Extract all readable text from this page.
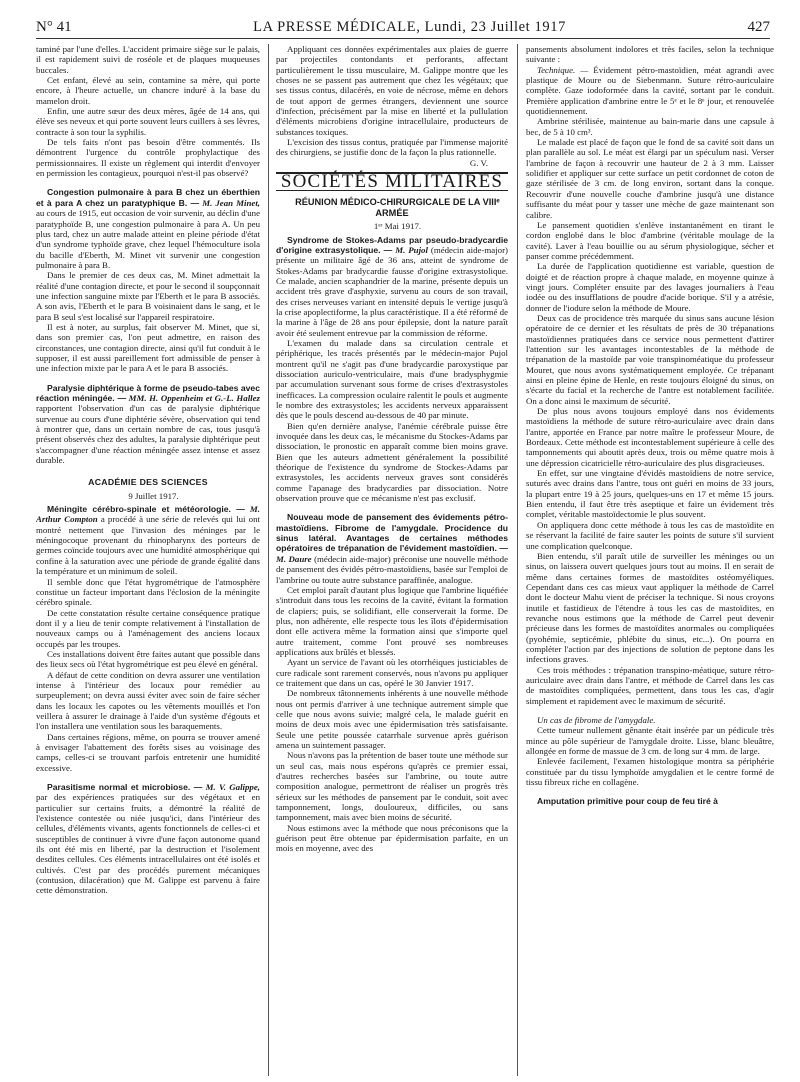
N° 41	LA PRESSE MÉDICALE, Lundi, 23 Juillet 1917	427

taminé par l'une d'elles. L'accident primaire siège sur le palais, il est rapidement suivi de roséole et de plaques muqueuses buccales.

Cet enfant, élevé au sein, contamine sa mère, qui porte encore, à l'heure actuelle, un chancre induré à la base du mamelon droit.

Enfin, une autre sœur des deux mères, âgée de 14 ans, qui élève ses neveux et qui porte souvent leurs cuillers à ses lèvres, contracte à son tour la syphilis.

De tels faits n'ont pas besoin d'être commentés. Ils démontrent l'urgence du contrôle prophylactique des permissionnaires. Il existe un règlement qui interdit d'envoyer en permission les contagieux, pourquoi n'est-il pas observé?

Congestion pulmonaire à para B chez un éberthien et à para A chez un paratyphique B. — M. Jean Minet, au cours de 1915, eut occasion de voir survenir, au déclin d'une paratyphoïde B, une congestion pulmonaire à para A. Un peu plus tard, chez un autre malade atteint en pleine période d'état d'un syndrome typhoïde grave, chez lequel l'hémoculture isola du bacille d'Eberth, M. Minet vit survenir une congestion pulmonaire à para B.

Dans le premier de ces deux cas, M. Minet admettait la réalité d'une contagion directe, et pour le second il soupçonnait une infection sanguine mixte par l'Eberth et le para B associés. A son avis, l'Eberth et le para B voisinaient dans le sang, et le para B seul s'est localisé sur l'appareil respiratoire.

Il est à noter, au surplus, fait observer M. Minet, que si, dans son premier cas, l'on peut admettre, en raison des circonstances, une contagion directe, ainsi qu'il fut conduit à le supposer, il est aussi pareillement fort admissible de penser à une infection mixte par le para A et le para B associés.

Paralysie diphtérique à forme de pseudo-tabes avec réaction méningée. — MM. H. Oppenheim et G.-L. Hallez rapportent l'observation d'un cas de paralysie diphtérique survenue au cours d'une diphtérie sévère, observation qui tend à montrer que, dans un certain nombre de cas, tous jusqu'à présent observés chez des adultes, la paralysie diphtérique peut s'accompagner d'une réaction méningée assez intense et assez durable.

ACADÉMIE DES SCIENCES

9 Juillet 1917.

Méningite cérébro-spinale et météorologie. — M. Arthur Compton a procédé à une série de relevés qui lui ont montré nettement que l'invasion des méninges par le méningocoque provenant du rhinopharynx des porteurs de germes coïncide toujours avec une humidité atmosphérique qui confine à la saturation avec une période de grande égalité dans la température et un minimum de soleil.

Il semble donc que l'état hygrométrique de l'atmosphère constitue un facteur important dans l'éclosion de la méningite cérébro spinale.

De cette constatation résulte certaine conséquence pratique dont il y a lieu de tenir compte relativement à l'installation de nouveaux camps ou à l'aménagement des anciens locaux occupés par les troupes.

Ces installations doivent être faites autant que possible dans des lieux secs où l'état hygrométrique est peu élevé en général.

A défaut de cette condition on devra assurer une ventilation intense à l'intérieur des locaux pour remédier au surpeuplement; on devra aussi éviter avec soin de faire sécher dans les locaux les capotes ou les vêtements mouillés et l'on veillera à assurer le drainage à l'aide d'un système d'égouts et l'on installera une ventilation sous les baraquements.

Dans certaines régions, même, on pourra se trouver amené à envisager l'abattement des forêts sises au voisinage des camps, celles-ci se trouvant parfois entretenir une humidité excessive.

Parasitisme normal et microbiose. — M. V. Galippe, par des expériences pratiquées sur des végétaux et en particulier sur certains fruits, a démontré la réalité de l'existence contestée ou niée jusqu'ici, dans l'intérieur des cellules, d'éléments vivants, agents fonctionnels de celles-ci et susceptibles de continuer à vivre d'une façon autonome quand ils ont été mis en liberté, par la destruction et l'isolement desdites cellules. Ces éléments intracellulaires ont été isolés et cultivés. C'est par des procédés purement mécaniques (contusion, dilacération) que M. Galippe est parvenu à faire cette démonstration.

Appliquant ces données expérimentales aux plaies de guerre par projectiles contondants et perforants, affectant particulièrement le tissu musculaire, M. Galippe montre que les choses ne se passent pas autrement que chez les végétaux; que ses tissus contus, dilacérés, en voie de nécrose, même en dehors de tout apport de germes étrangers, deviennent une source d'infection, précisément par la mise en liberté et la pullulation d'éléments microbiens d'origine intracellulaire, producteurs de substances toxiques.

L'excision des tissus contus, pratiquée par l'immense majorité des chirurgiens, se justifie donc de la façon la plus rationnelle.

G. V.

SOCIÉTÉS MILITAIRES

RÉUNION MÉDICO-CHIRURGICALE DE LA VIIIᵉ ARMÉE

1ᵉʳ Mai 1917.

Syndrome de Stokes-Adams par pseudo-bradycardie d'origine extrasystolique. — M. Pujol (médecin aide-major) présente un militaire âgé de 36 ans, atteint de syndrome de Stokes-Adams par bradycardie fausse d'origine extrasystolique. Ce malade, ancien scaphandrier de la marine, présente depuis un accident très grave d'asphyxie, survenu au cours de son travail, des crises nerveuses variant en intensité depuis le vertige jusqu'à la crise apoplectiforme, la plus caractéristique. Il a été réformé de la marine à l'âge de 28 ans pour épilepsie, dont la nature paraît avoir été seulement entrevue par la commission de réforme.

L'examen du malade dans sa circulation centrale et périphérique, les tracés présentés par le médecin-major Pujol montrent qu'il ne s'agit pas d'une bradycardie paroxystique par dissociation auriculo-ventriculaire, mais d'une bradysphygmie par accumulation survenant sous forme de crises d'extrasystoles inefficaces. La compression oculaire ralentit le pouls et augmente le nombre des extrasystoles; les accidents nerveux apparaissent dès que le pouls descend au-dessous de 40 par minute.

Bien qu'en dernière analyse, l'anémie cérébrale puisse être invoquée dans les deux cas, le mécanisme du Stockes-Adams par dissociation, le pronostic en apparaît comme bien moins grave. Bien que les auteurs admettent généralement la possibilité théorique de l'existence du syndrome de Stockes-Adams par extrasystoles, les accidents nerveux graves sont considérés comme l'apanage des bradycardies par dissociation. Notre observation prouve que ce mécanisme n'est pas exclusif.

Nouveau mode de pansement des évidements pétro-mastoïdiens. Fibrome de l'amygdale. Procidence du sinus latéral. Avantages de certaines méthodes opératoires de trépanation de l'évidement mastoïdien. — M. Daure (médecin aide-major) préconise une nouvelle méthode de pansement des évidés pétro-mastoïdiens, basée sur l'emploi de l'ambrine ou toute autre substance paraffinée, analogue.

Cet emploi paraît d'autant plus logique que l'ambrine liquéfiée s'introduit dans tous les recoins de la cavité, évitant la formation de clapiers; puis, se solidifiant, elle conserverait la forme. De plus, non adhérente, elle respecte tous les îlots d'épidermisation dont elle activera même la formation ainsi que s'importe quel autre traitement, comme l'ont prouvé ses nombreuses applications aux brûlés et blessés.

Ayant un service de l'avant où les otorrhéiques justiciables de cure radicale sont rarement conservés, nous n'avons pu appliquer ce traitement que dans un cas, opéré le 30 Janvier 1917.

De nombreux tâtonnements inhérents à une nouvelle méthode nous ont permis d'arriver à une technique autrement simple que celle que nous avons suivie; malgré cela, le malade guérit en moins de deux mois avec une épidermisation très satisfaisante. Seule une petite poussée catarrhale survenue après guérison amena un suintement passager.

Nous n'avons pas la prétention de baser toute une méthode sur un seul cas, mais nous espérons qu'après ce premier essai, d'autres recherches basées sur l'ambrine, ou toute autre composition analogue, permettront de réaliser un progrès très sérieux sur les méthodes de pansement par le conduit, soit avec tamponnement, longs, douloureux, difficiles, ou sans tamponnement, mais avec bien moins de sécurité.

Nous estimons avec la méthode que nous préconisons que la guérison peut être obtenue par épidermisation parfaite, en un mois en moyenne, avec des

pansements absolument indolores et très faciles, selon la technique suivante :

Technique. — Évidement pétro-mastoïdien, méat agrandi avec plastique de Moure ou de Siebenmann. Suture rétro-auriculaire complète. Gaze iodoformée dans la cavité, sortant par le conduit. Première application d'ambrine entre le 5ᵉ et le 8ᵉ jour, et renouvelée quotidiennement.

Ambrine stérilisée, maintenue au bain-marie dans une capsule à bec, de 5 à 10 cm³.

Le malade est placé de façon que le fond de sa cavité soit dans un plan parallèle au sol. Le méat est élargi par un spéculum nasi. Verser l'ambrine de façon à recouvrir une hauteur de 2 à 3 mm. Laisser solidifier et appliquer sur cette surface un petit cordonnet de coton de gaze stérilisée de 3 cm. de long environ, sortant dans la conque. Recouvrir d'une nouvelle couche d'ambrine jusqu'à une distance suffisante du méat pour y tasser une mèche de gaze maintenant son calibre.

Le pansement quotidien s'enlève instantanément en tirant le cordon englobé dans le bloc d'ambrine (véritable moulage de la cavité). Laver à l'eau bouillie ou au sérum physiologique, sécher et panser comme précédemment.

La durée de l'application quotidienne est variable, question de doigté et de réaction propre à chaque malade, en moyenne quinze à vingt jours. Compléter ensuite par des lavages journaliers à l'eau iodée ou des insufflations de poudre d'acide borique. S'il y a atrésie, donner de l'iodure selon la méthode de Moure.

Deux cas de procidence très marquée du sinus sans aucune lésion opératoire de ce dernier et les résultats de près de 30 trépanations mastoïdiennes pratiquées dans ce service nous permettent d'attirer l'attention sur les avantages incontestables de la méthode de trépanation de la mastoïde par voie transpinoméatique du professeur Mouret, que nous avons systématiquement employée. Ce trépanant ainsi en pleine épine de Henle, en reste toujours éloigné du sinus, on s'écarte du facial et la recherche de l'antre est notablement facilitée. On a donc ainsi le maximum de sécurité.

De plus nous avons toujours employé dans nos évidements mastoïdiens la méthode de suture rétro-auriculaire avec drain dans l'antre, apportée en France par notre maître le professeur Moure, de Bordeaux. Cette méthode est incontestablement supérieure à celle des tamponnements qui aboutit après deux, trois ou même quatre mois à une dépression cicatricielle rétro-auriculaire des plus disgracieuses.

En effet, sur une vingtaine d'évidés mastoïdiens de notre service, suturés avec drains dans l'antre, tous ont guéri en moins de 33 jours, la plupart entre 19 à 25 jours, quelques-uns en 17 et même 15 jours. Bien entendu, il faut être très aseptique et faire un évidement très complet, véritable mastoïdectomie le plus souvent.

On appliquera donc cette méthode à tous les cas de mastoïdite en se réservant la facilité de faire sauter les points de suture s'il survient une complication quelconque.

Bien entendu, s'il paraît utile de surveiller les méninges ou un sinus, on laissera ouvert quelques jours tout au moins. Il en serait de même dans certaines formes de mastoïdites ostéomyéliques. Cependant dans ces cas mieux vaut appliquer la méthode de Carrel dont le docteur Mahu vient de préciser la technique. Si nous croyons inutile et fastidieux de l'étendre à tous les cas de mastoïdites, en revanche nous estimons que la méthode de Carrel peut devenir précieuse dans les formes de mastoïdites anormales ou compliquées (pyohémie, septicémie, phlébite du sinus, etc...). On pourra en compléter l'action par des injections de solution de peptone dans les infections graves.

Ces trois méthodes : trépanation transpino-méatique, suture rétro-auriculaire avec drain dans l'antre, et méthode de Carrel dans les cas de mastoïdites compliquées, permettent, dans tous les cas, d'agir simplement et rapidement avec le maximum de sécurité.

Un cas de fibrome de l'amygdale.

Cette tumeur nullement gênante était insérée par un pédicule très mince au pôle supérieur de l'amygdale droite. Lisse, blanc bleuâtre, allongée en forme de massue de 3 cm. de long sur 4 mm. de large.

Enlevée facilement, l'examen histologique montra sa périphérie constituée par du tissu lymphoïde amygdalien et le centre formé de tissu fibreux riche en collagène.

Amputation primitive pour coup de feu tiré à
